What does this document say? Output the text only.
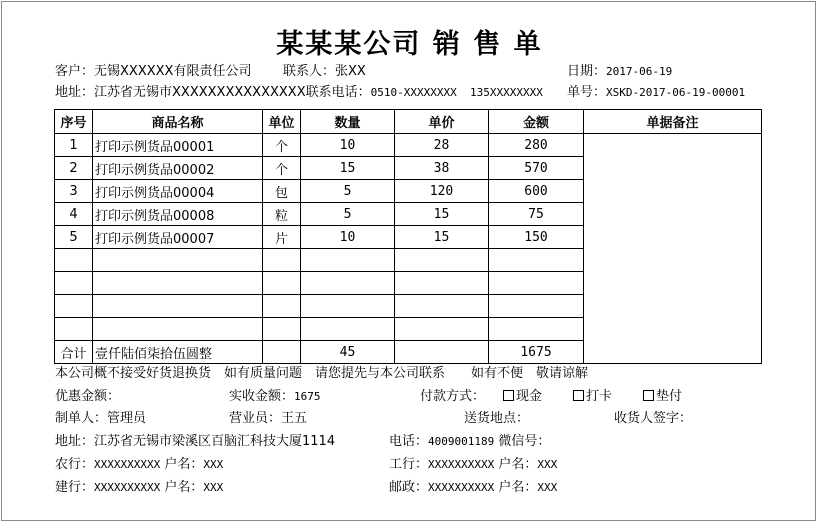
某某某公司 销 售 单
客户：无锡XXXXXX有限责任公司 联系人：张XX	日期：2017-06-19
地址：江苏省无锡市XXXXXXXXXXXXXXX联系电话：0510-XXXXXXXX  135XXXXXXXX 单号：XSKD-2017-06-19-00001
序号	商品名称	单位	数量	单价	金额	单据备注
1	打印示例货品00001	个	10	28	280	
2	打印示例货品00002	个	15	38	570	
3	打印示例货品00004	包	5	120	600	
4	打印示例货品00008	粒	5	15	75	
5	打印示例货品00007	片	10	15	150	

合计	壹仟陆佰柒拾伍圆整		45		1675	
本公司概不接受好货退换货　如有质量问题　请您提先与本公司联系　　如有不便　敬请谅解
优惠金额：	实收金额：1675	付款方式：	现金	打卡	垫付
制单人：管理员	营业员：王五	送货地点：	收货人签字：
地址：江苏省无锡市梁溪区百脑汇科技大厦1114	电话：4009001189 微信号：
农行：XXXXXXXXXX 户名：XXX	工行：XXXXXXXXXX 户名：XXX
建行：XXXXXXXXXX 户名：XXX	邮政：XXXXXXXXXX 户名：XXX
